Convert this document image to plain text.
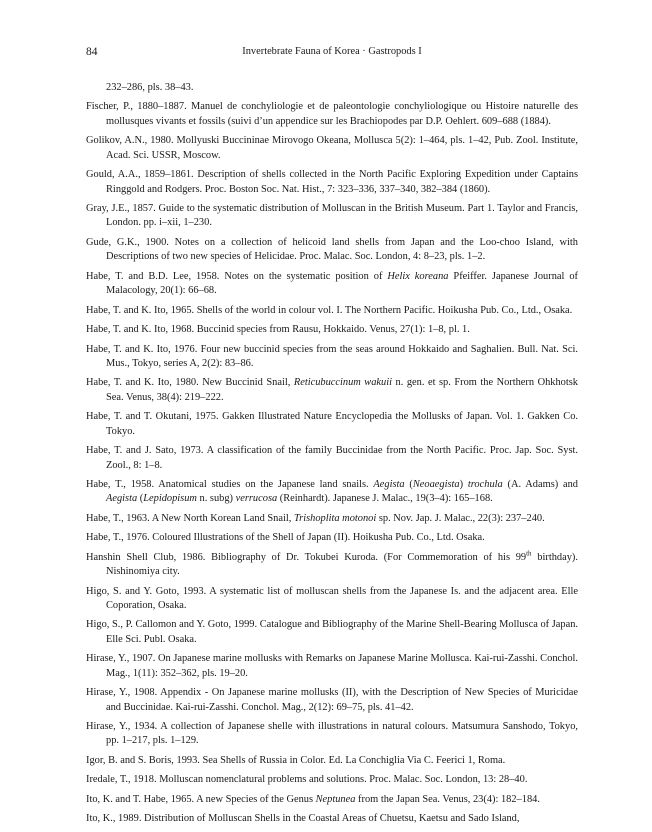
84	Invertebrate Fauna of Korea · Gastropods I

232–286, pls. 38–43.

Fischer, P., 1880–1887. Manuel de conchyliologie et de paleontologie conchyliologique ou Histoire naturelle des mollusques vivants et fossils (suivi d’un appendice sur les Brachiopodes par D.P. Oehlert. 609–688 (1884).

Golikov, A.N., 1980. Mollyuski Buccininae Mirovogo Okeana, Mollusca 5(2): 1–464, pls. 1–42, Pub. Zool. Institute, Acad. Sci. USSR, Moscow.

Gould, A.A., 1859–1861. Description of shells collected in the North Pacific Exploring Expedition under Captains Ringgold and Rodgers. Proc. Boston Soc. Nat. Hist., 7: 323–336, 337–340, 382–384 (1860).

Gray, J.E., 1857. Guide to the systematic distribution of Molluscan in the British Museum. Part 1. Taylor and Francis, London. pp. i–xii, 1–230.

Gude, G.K., 1900. Notes on a collection of helicoid land shells from Japan and the Loo-choo Island, with Descriptions of two new species of Helicidae. Proc. Malac. Soc. London, 4: 8–23, pls. 1–2.

Habe, T. and B.D. Lee, 1958. Notes on the systematic position of Helix koreana Pfeiffer. Japanese Journal of Malacology, 20(1): 66–68.

Habe, T. and K. Ito, 1965. Shells of the world in colour vol. I. The Northern Pacific. Hoikusha Pub. Co., Ltd., Osaka.

Habe, T. and K. Ito, 1968. Buccinid species from Rausu, Hokkaido. Venus, 27(1): 1–8, pl. 1.

Habe, T. and K. Ito, 1976. Four new buccinid species from the seas around Hokkaido and Saghalien. Bull. Nat. Sci. Mus., Tokyo, series A, 2(2): 83–86.

Habe, T. and K. Ito, 1980. New Buccinid Snail, Reticubuccinum wakuii n. gen. et sp. From the Northern Ohkhotsk Sea. Venus, 38(4): 219–222.

Habe, T. and T. Okutani, 1975. Gakken Illustrated Nature Encyclopedia the Mollusks of Japan. Vol. 1. Gakken Co. Tokyo.

Habe, T. and J. Sato, 1973. A classification of the family Buccinidae from the North Pacific. Proc. Jap. Soc. Syst. Zool., 8: 1–8.

Habe, T., 1958. Anatomical studies on the Japanese land snails. Aegista (Neoaegista) trochula (A. Adams) and Aegista (Lepidopisum n. subg) verrucosa (Reinhardt). Japanese J. Malac., 19(3–4): 165–168.

Habe, T., 1963. A New North Korean Land Snail, Trishoplita motonoi sp. Nov. Jap. J. Malac., 22(3): 237–240.

Habe, T., 1976. Coloured Illustrations of the Shell of Japan (II). Hoikusha Pub. Co., Ltd. Osaka.

Hanshin Shell Club, 1986. Bibliography of Dr. Tokubei Kuroda. (For Commemoration of his 99th birthday). Nishinomiya city.

Higo, S. and Y. Goto, 1993. A systematic list of molluscan shells from the Japanese Is. and the adjacent area. Elle Coporation, Osaka.

Higo, S., P. Callomon and Y. Goto, 1999. Catalogue and Bibliography of the Marine Shell-Bearing Mollusca of Japan. Elle Sci. Publ. Osaka.

Hirase, Y., 1907. On Japanese marine mollusks with Remarks on Japanese Marine Mollusca. Kai-rui-Zasshi. Conchol. Mag., 1(11): 352–362, pls. 19–20.

Hirase, Y., 1908. Appendix - On Japanese marine mollusks (II), with the Description of New Species of Muricidae and Buccinidae. Kai-rui-Zasshi. Conchol. Mag., 2(12): 69–75, pls. 41–42.

Hirase, Y., 1934. A collection of Japanese shelle with illustrations in natural colours. Matsumura Sanshodo, Tokyo, pp. 1–217, pls. 1–129.

Igor, B. and S. Boris, 1993. Sea Shells of Russia in Color. Ed. La Conchiglia Via C. Feerici 1, Roma.

Iredale, T., 1918. Molluscan nomenclatural problems and solutions. Proc. Malac. Soc. London, 13: 28–40.

Ito, K. and T. Habe, 1965. A new Species of the Genus Neptunea from the Japan Sea. Venus, 23(4): 182–184.

Ito, K., 1989. Distribution of Molluscan Shells in the Coastal Areas of Chuetsu, Kaetsu and Sado Island,
